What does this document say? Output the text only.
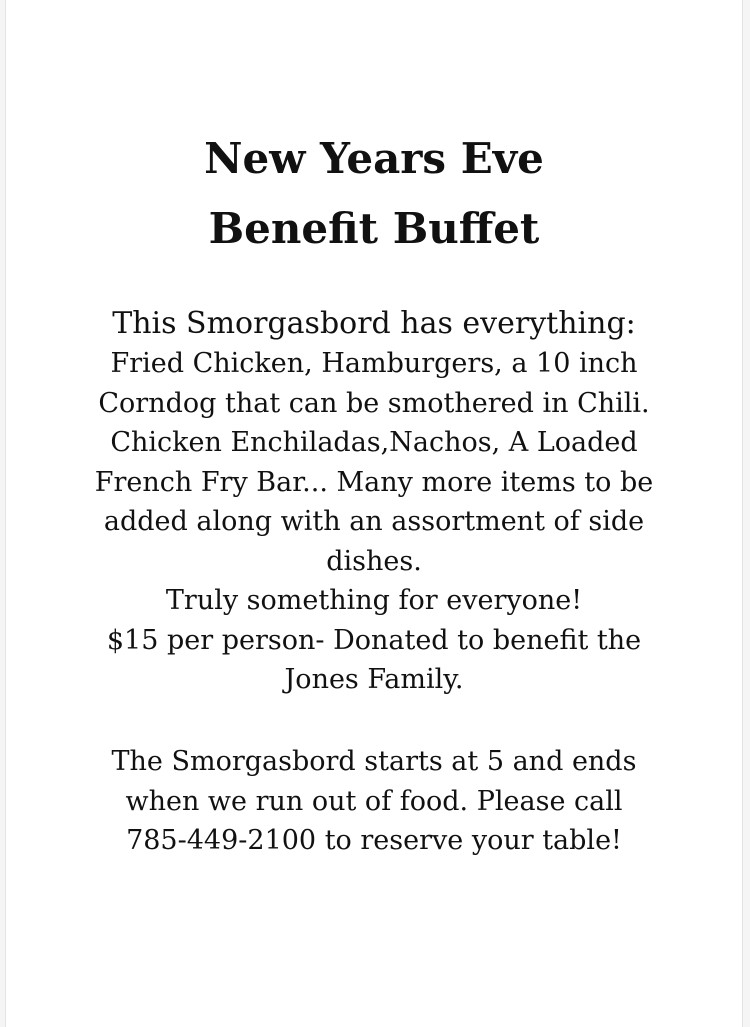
New Years Eve
Benefit Buffet

This Smorgasbord has everything:

Fried Chicken, Hamburgers, a 10 inch
Corndog that can be smothered in Chili.
Chicken Enchiladas,Nachos, A Loaded
French Fry Bar... Many more items to be
added along with an assortment of side
dishes.
Truly something for everyone!
$15 per person- Donated to benefit the
Jones Family.
The Smorgasbord starts at 5 and ends
when we run out of food. Please call
785-449-2100 to reserve your table!
